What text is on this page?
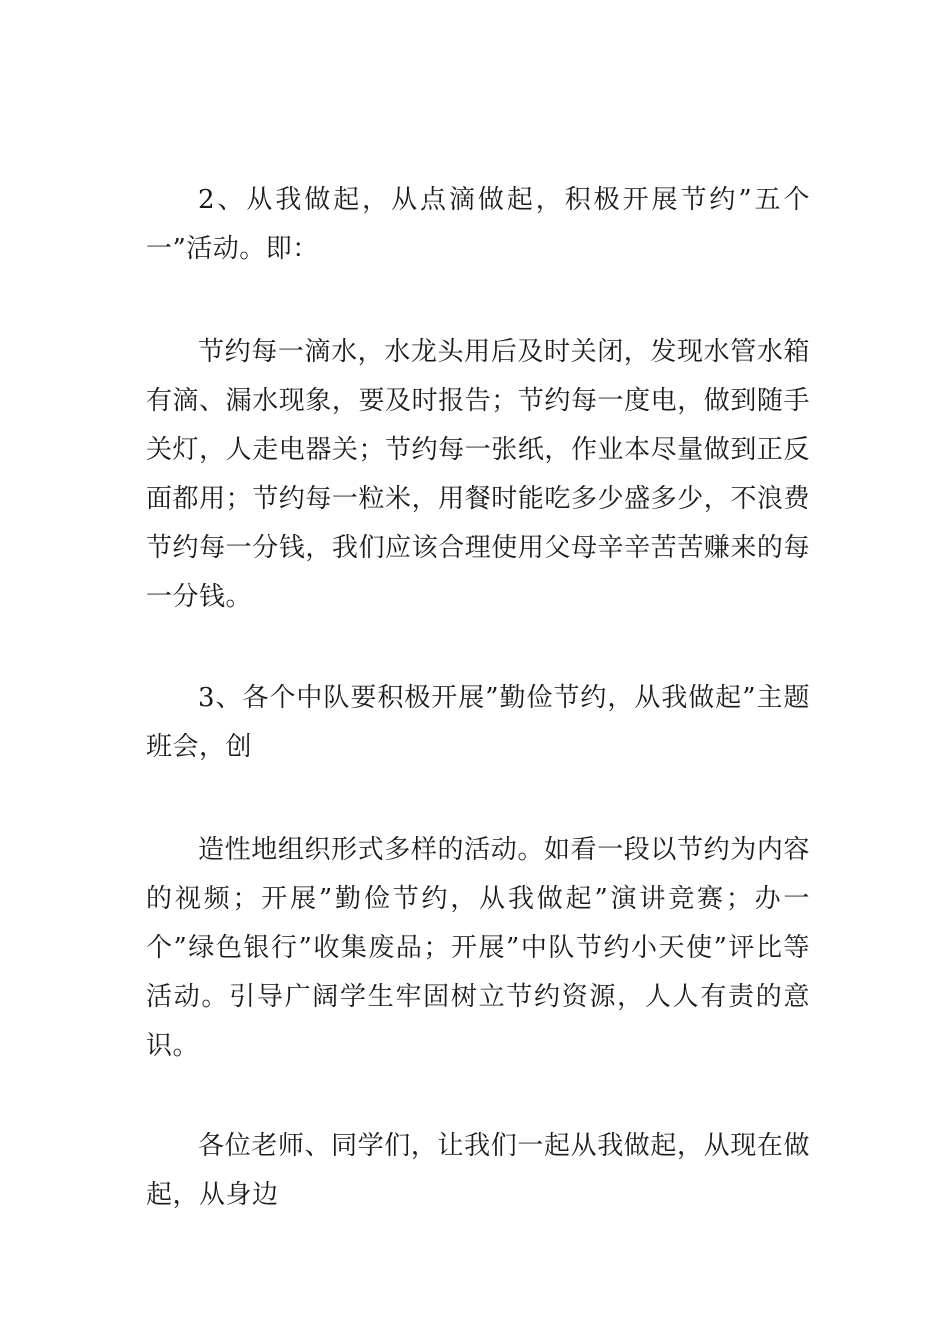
2、从我做起，从点滴做起，积极开展节约”五个一”活动。即：

节约每一滴水，水龙头用后及时关闭，发现水管水箱有滴、漏水现象，要及时报告；节约每一度电，做到随手关灯，人走电器关；节约每一张纸，作业本尽量做到正反面都用；节约每一粒米，用餐时能吃多少盛多少，不浪费节约每一分钱，我们应该合理使用父母辛辛苦苦赚来的每一分钱。

3、各个中队要积极开展”勤俭节约，从我做起”主题班会，创

造性地组织形式多样的活动。如看一段以节约为内容的视频；开展”勤俭节约，从我做起”演讲竞赛；办一个”绿色银行”收集废品；开展”中队节约小天使”评比等活动。引导广阔学生牢固树立节约资源，人人有责的意识。

各位老师、同学们，让我们一起从我做起，从现在做起，从身边
